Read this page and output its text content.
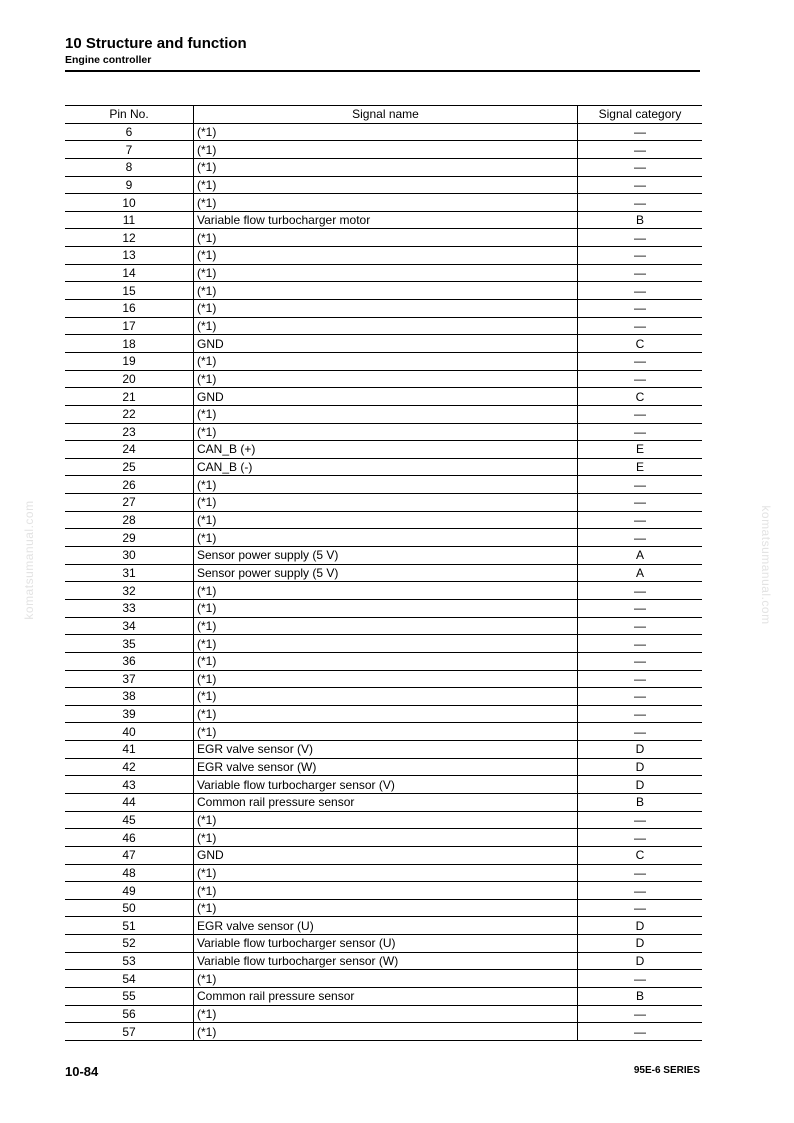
10 Structure and function
Engine controller
Pin No.	Signal name	Signal category
6	(*1)	—
7	(*1)	—
8	(*1)	—
9	(*1)	—
10	(*1)	—
11	Variable flow turbocharger motor	B
12	(*1)	—
13	(*1)	—
14	(*1)	—
15	(*1)	—
16	(*1)	—
17	(*1)	—
18	GND	C
19	(*1)	—
20	(*1)	—
21	GND	C
22	(*1)	—
23	(*1)	—
24	CAN_B (+)	E
25	CAN_B (-)	E
26	(*1)	—
27	(*1)	—
28	(*1)	—
29	(*1)	—
30	Sensor power supply (5 V)	A
31	Sensor power supply (5 V)	A
32	(*1)	—
33	(*1)	—
34	(*1)	—
35	(*1)	—
36	(*1)	—
37	(*1)	—
38	(*1)	—
39	(*1)	—
40	(*1)	—
41	EGR valve sensor (V)	D
42	EGR valve sensor (W)	D
43	Variable flow turbocharger sensor (V)	D
44	Common rail pressure sensor	B
45	(*1)	—
46	(*1)	—
47	GND	C
48	(*1)	—
49	(*1)	—
50	(*1)	—
51	EGR valve sensor (U)	D
52	Variable flow turbocharger sensor (U)	D
53	Variable flow turbocharger sensor (W)	D
54	(*1)	—
55	Common rail pressure sensor	B
56	(*1)	—
57	(*1)	—
10-84	95E-6 SERIES
komatsumanual.com	komatsumanual.com
